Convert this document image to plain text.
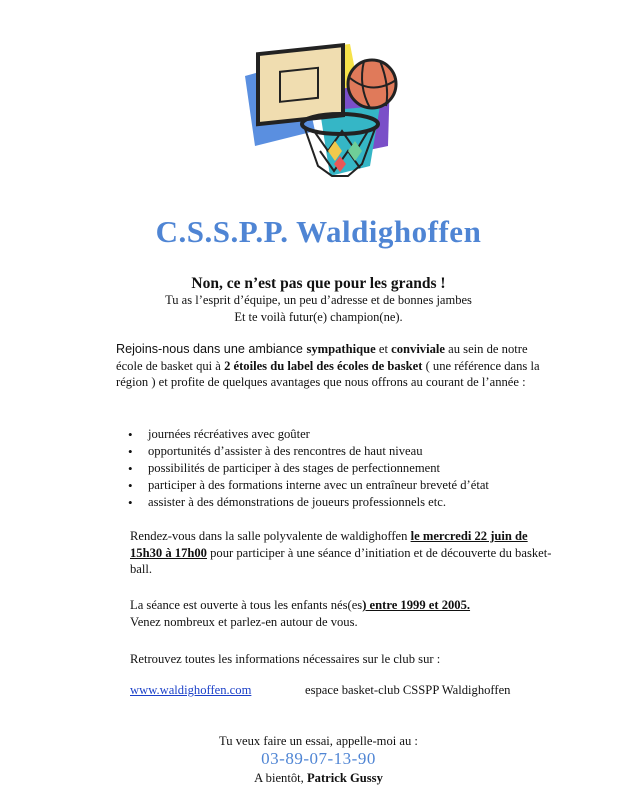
C.S.S.P.P. Waldighoffen
Non, ce n’est pas que pour les grands !
Tu as l’esprit d’équipe, un peu d’adresse et de bonnes jambes
Et te voilà futur(e) champion(ne).
Rejoins-nous dans une ambiance sympathique et conviviale au sein de notre école de basket qui à 2 étoiles du label des écoles de basket ( une référence dans la région ) et profite de quelques avantages que nous offrons au courant de l’année :
• journées récréatives avec goûter
• opportunités d’assister à des rencontres de haut niveau
• possibilités de participer à des stages de perfectionnement
• participer à des formations interne avec un entraîneur breveté d’état
• assister à des démonstrations de joueurs professionnels etc.
Rendez-vous dans la salle polyvalente de waldighoffen le mercredi 22 juin de 15h30 à 17h00 pour participer à une séance d’initiation et de découverte du basket-ball.
La séance est ouverte à tous les enfants nés(es) entre 1999 et 2005.
Venez nombreux et parlez-en autour de vous.
Retrouvez toutes les informations nécessaires sur le club sur :
www.waldighoffen.com	espace basket-club CSSPP Waldighoffen
Tu veux faire un essai, appelle-moi au :
03-89-07-13-90
A bientôt, Patrick Gussy
